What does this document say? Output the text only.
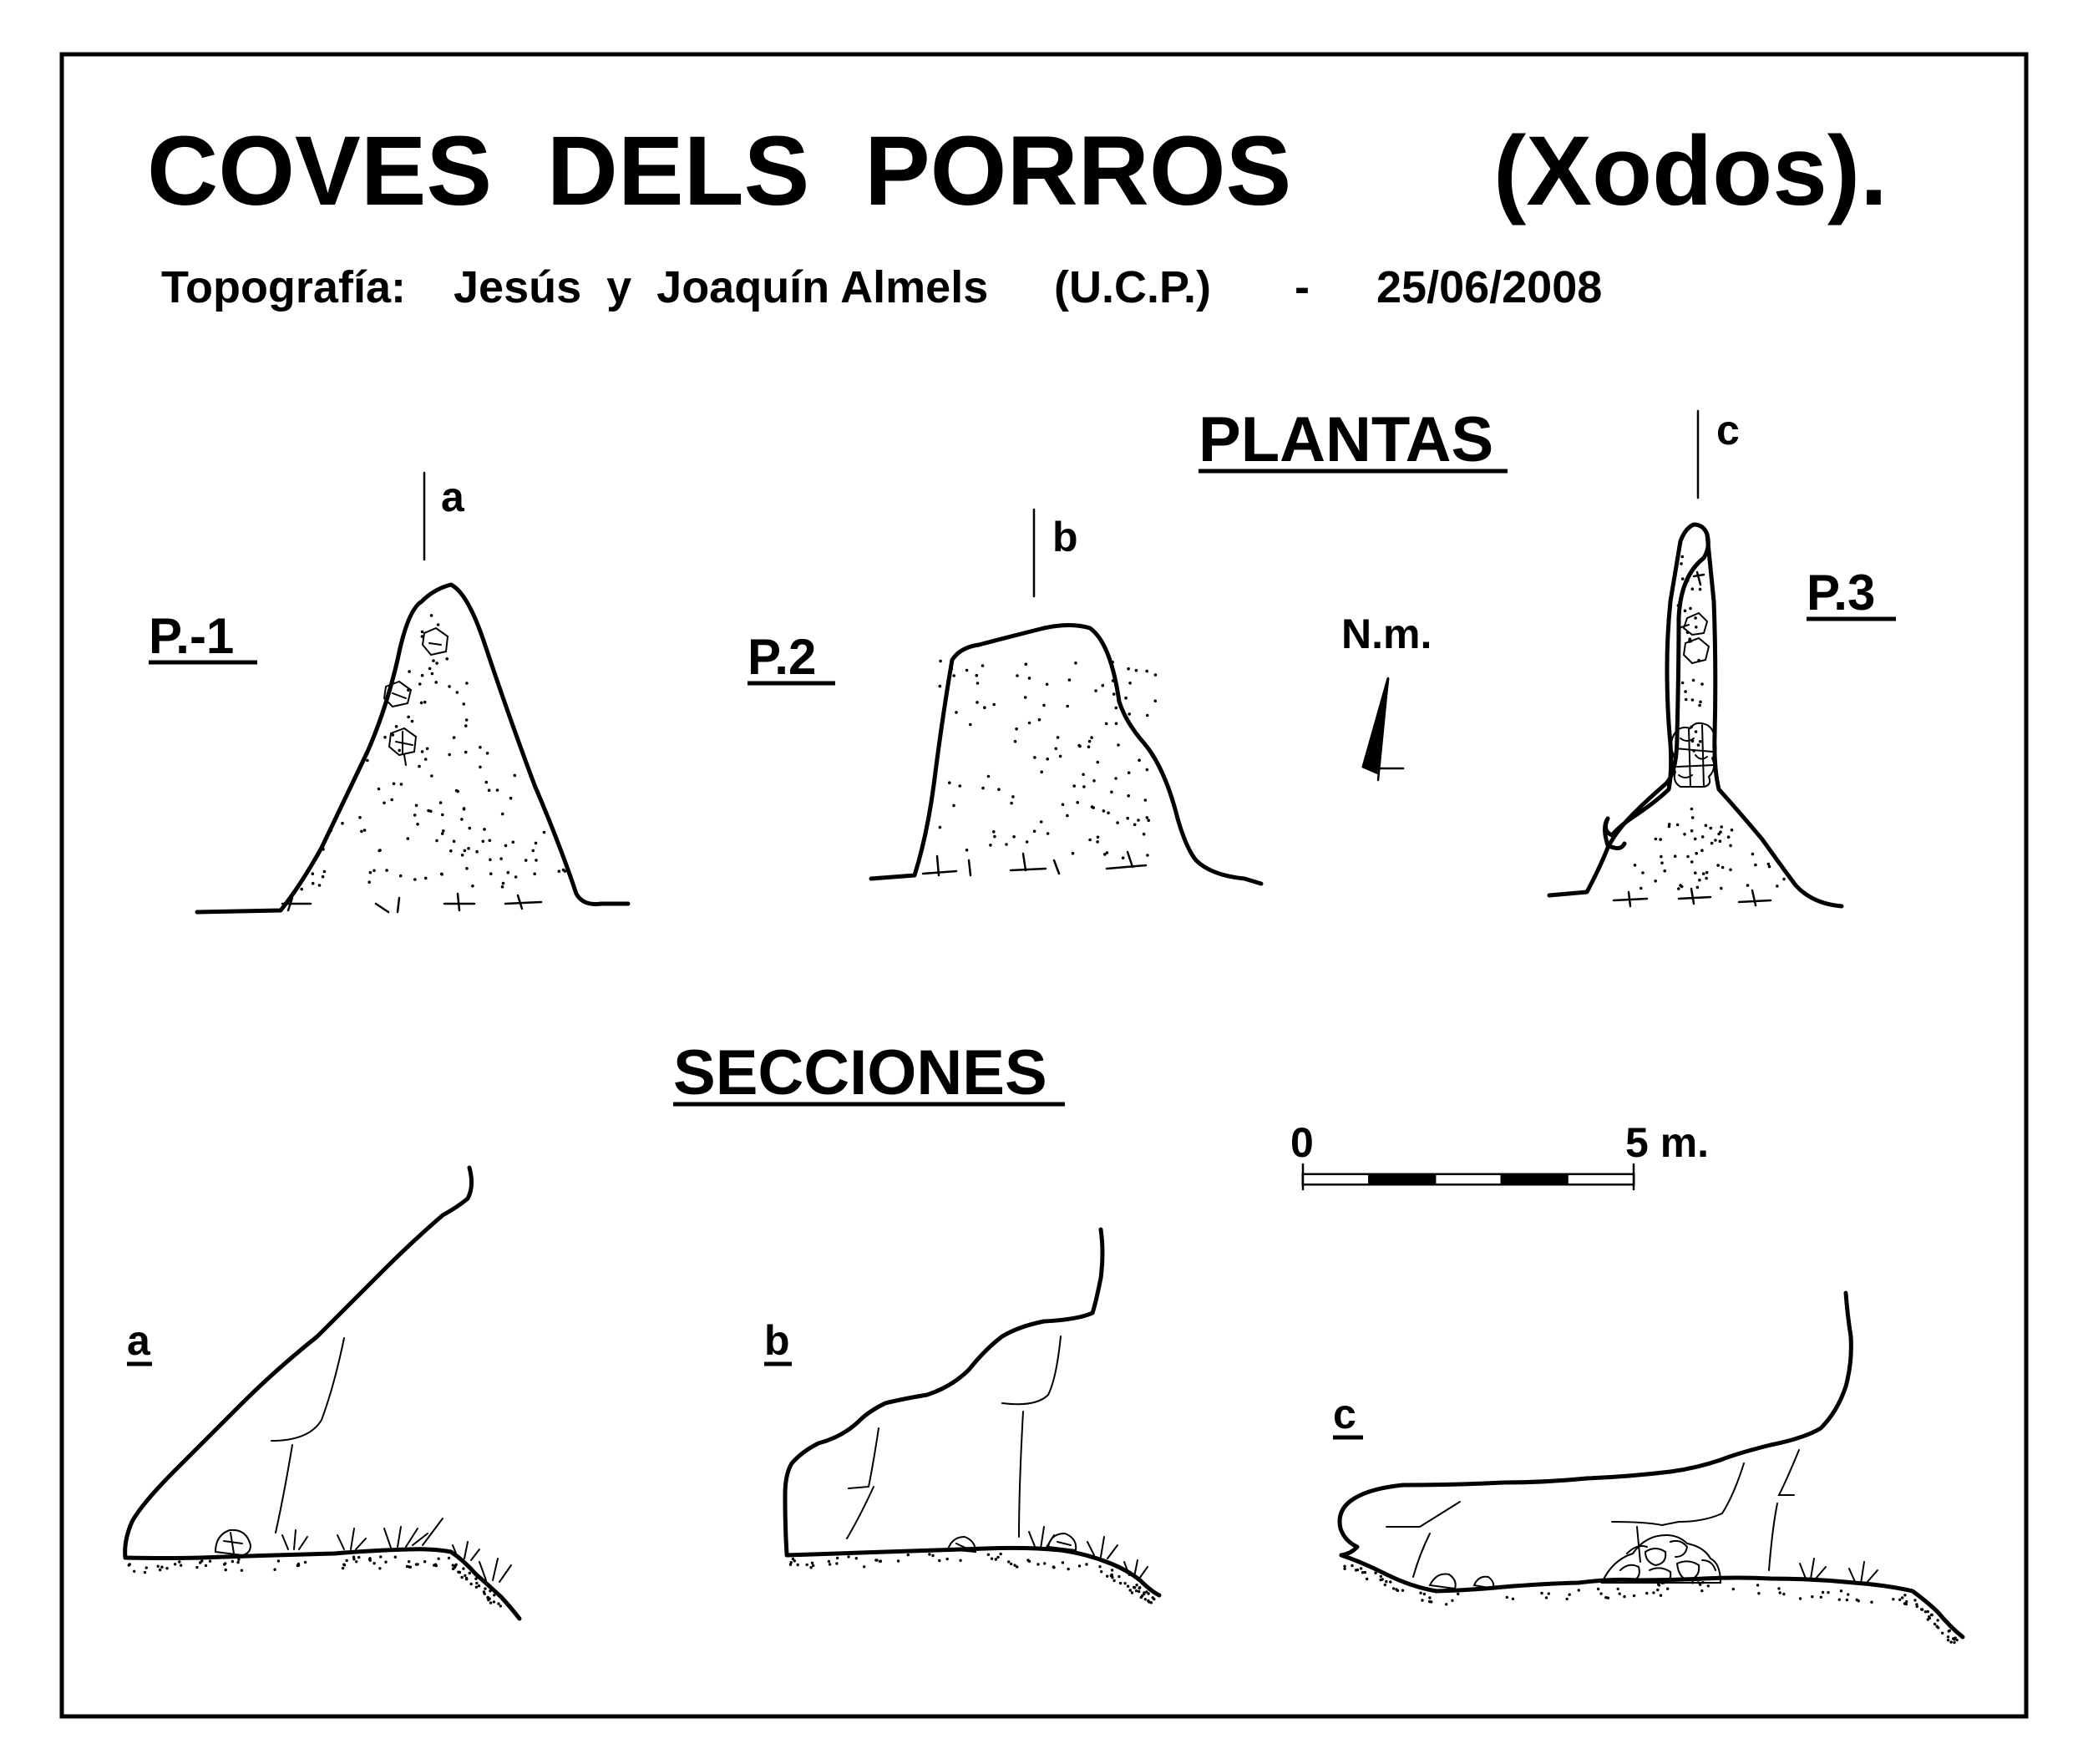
COVES  DELS  PORROS (Xodos).
Topografía: Jesús  y  Joaquín Almels (U.C.P.) - 25/06/2008
PLANTAS
SECCIONES
P.-1
a
P.2
b
N.m.
P.3
c
0	5 m.
a	b
c
